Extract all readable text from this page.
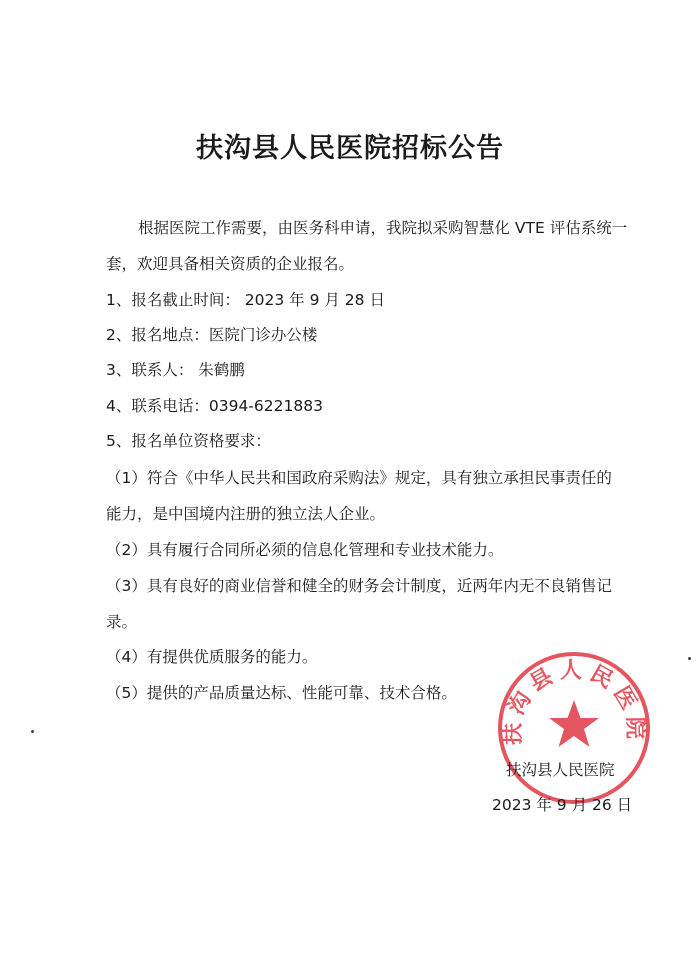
扶沟县人民医院招标公告
根据医院工作需要，由医务科申请，我院拟采购智慧化 VTE 评估系统一
套，欢迎具备相关资质的企业报名。
1、报名截止时间： 2023 年 9 月 28 日
2、报名地点：医院门诊办公楼
3、联系人： 朱鹤鹏
4、联系电话：0394-6221883
5、报名单位资格要求：
（1）符合《中华人民共和国政府采购法》规定，具有独立承担民事责任的
能力，是中国境内注册的独立法人企业。
（2）具有履行合同所必须的信息化管理和专业技术能力。
（3）具有良好的商业信誉和健全的财务会计制度，近两年内无不良销售记
录。
（4）有提供优质服务的能力。
（5）提供的产品质量达标、性能可靠、技术合格。
扶沟县人民医院
扶沟县人民医院
2023 年 9 月 26 日
